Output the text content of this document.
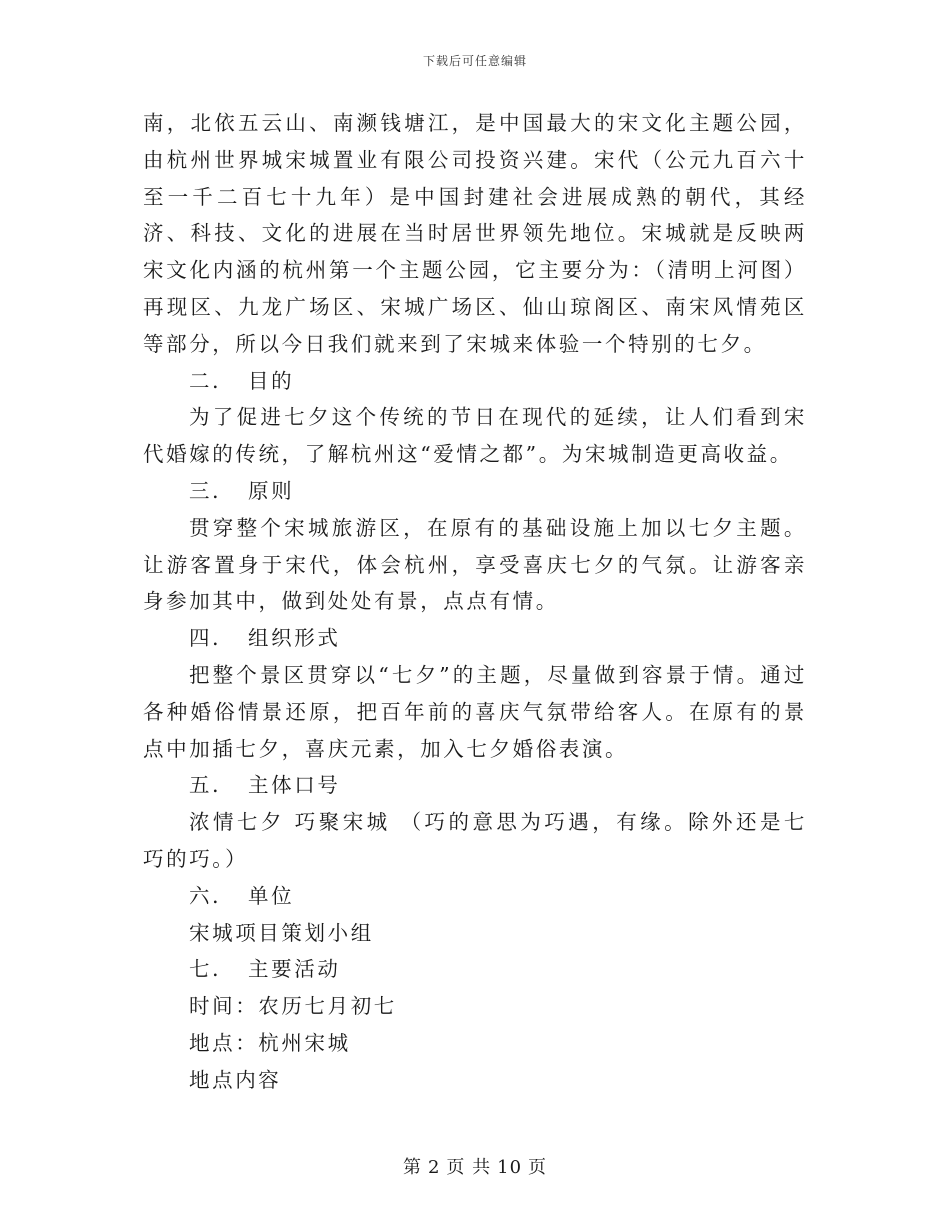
下载后可任意编辑

南，北依五云山、南濒钱塘江，是中国最大的宋文化主题公园，由杭州世界城宋城置业有限公司投资兴建。宋代（公元九百六十至一千二百七十九年）是中国封建社会进展成熟的朝代，其经济、科技、文化的进展在当时居世界领先地位。宋城就是反映两宋文化内涵的杭州第一个主题公园，它主要分为：（清明上河图）再现区、九龙广场区、宋城广场区、仙山琼阁区、南宋风情苑区等部分，所以今日我们就来到了宋城来体验一个特别的七夕。

二．　目的

为了促进七夕这个传统的节日在现代的延续，让人们看到宋代婚嫁的传统，了解杭州这“爱情之都”。为宋城制造更高收益。

三．　原则

贯穿整个宋城旅游区，在原有的基础设施上加以七夕主题。让游客置身于宋代，体会杭州，享受喜庆七夕的气氛。让游客亲身参加其中，做到处处有景，点点有情。

四．　组织形式

把整个景区贯穿以“七夕”的主题，尽量做到容景于情。通过各种婚俗情景还原，把百年前的喜庆气氛带给客人。在原有的景点中加插七夕，喜庆元素，加入七夕婚俗表演。

五．　主体口号

浓情七夕 巧聚宋城 （巧的意思为巧遇，有缘。除外还是七巧的巧。）

六．　单位

宋城项目策划小组

七．　主要活动

时间：农历七月初七

地点：杭州宋城

地点内容

第 2 页 共 10 页
